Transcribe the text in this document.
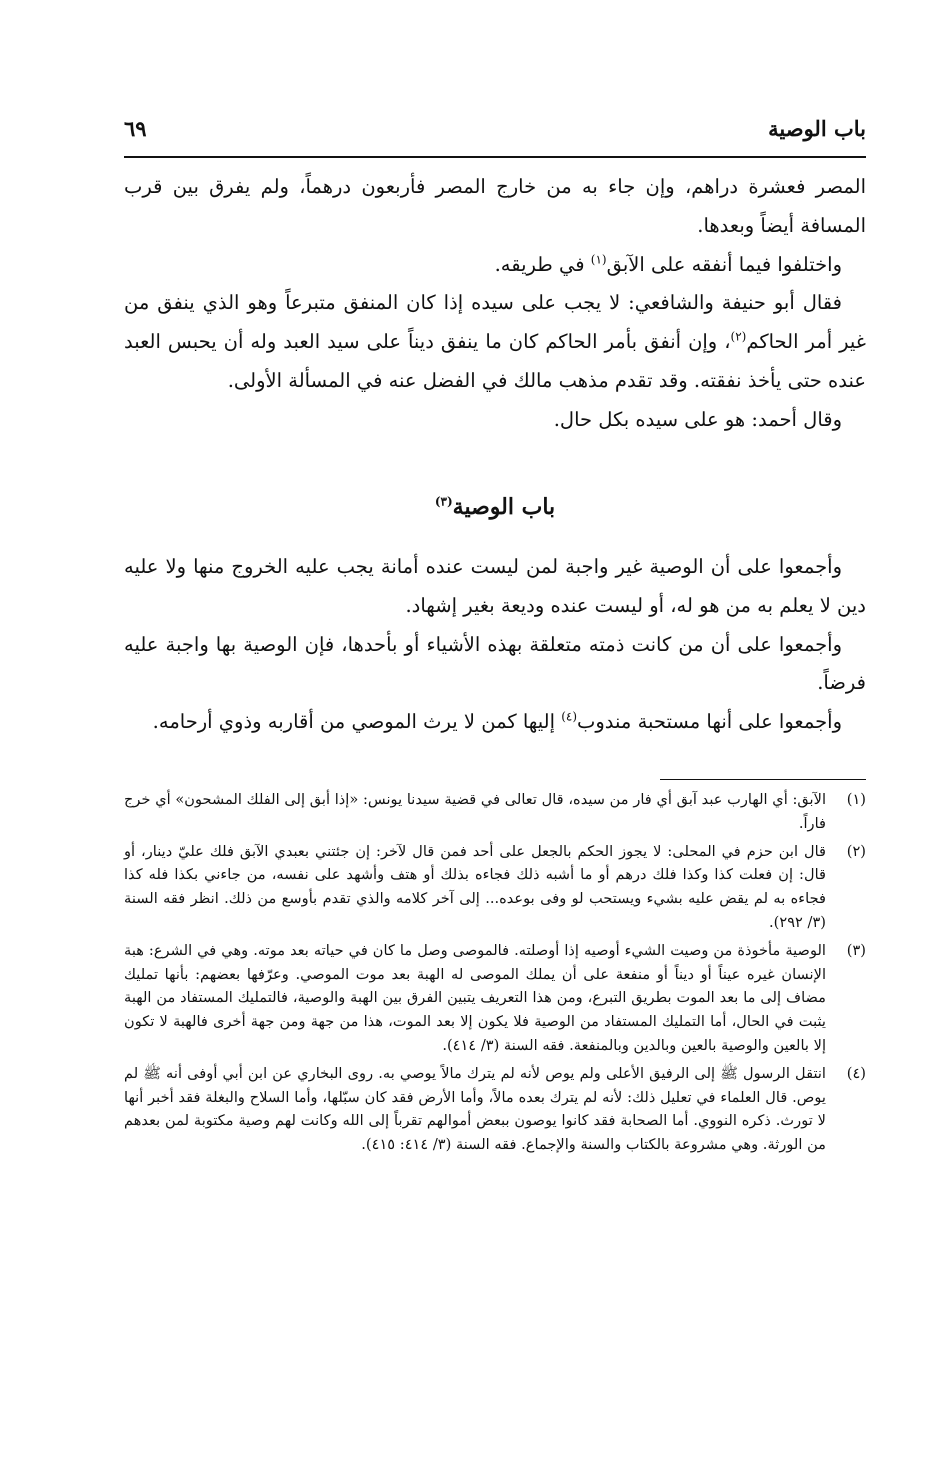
باب الوصية
٦٩

المصر فعشرة دراهم، وإن جاء به من خارج المصر فأربعون درهماً، ولم يفرق بين قرب المسافة أيضاً وبعدها.

واختلفوا فيما أنفقه على الآبق$^{(١)}$ في طريقه.

فقال أبو حنيفة والشافعي: لا يجب على سيده إذا كان المنفق متبرعاً وهو الذي ينفق من غير أمر الحاكم$^{(٢)}$، وإن أنفق بأمر الحاكم كان ما ينفق ديناً على سيد العبد وله أن يحبس العبد عنده حتى يأخذ نفقته. وقد تقدم مذهب مالك في الفضل عنه في المسألة الأولى.

وقال أحمد: هو على سيده بكل حال.

باب الوصية$^{(٣)}$

وأجمعوا على أن الوصية غير واجبة لمن ليست عنده أمانة يجب عليه الخروج منها ولا عليه دين لا يعلم به من هو له، أو ليست عنده وديعة بغير إشهاد.

وأجمعوا على أن من كانت ذمته متعلقة بهذه الأشياء أو بأحدها، فإن الوصية بها واجبة عليه فرضاً.

وأجمعوا على أنها مستحبة مندوب$^{(٤)}$ إليها كمن لا يرث الموصي من أقاربه وذوي أرحامه.

(١)
الآبق: أي الهارب عبد آبق أي فار من سيده، قال تعالى في قضية سيدنا يونس: «إذا أبق إلى الفلك المشحون» أي خرج فاراً.

(٢)
قال ابن حزم في المحلى: لا يجوز الحكم بالجعل على أحد فمن قال لآخر: إن جئتني بعبدي الآبق فلك عليّ دينار، أو قال: إن فعلت كذا وكذا فلك درهم أو ما أشبه ذلك فجاءه بذلك أو هتف وأشهد على نفسه، من جاءني بكذا فله كذا فجاءه به لم يقض عليه بشيء ويستحب لو وفى بوعده... إلى آخر كلامه والذي تقدم بأوسع من ذلك. انظر فقه السنة (٣/ ٢٩٢).

(٣)
الوصية مأخوذة من وصيت الشيء أوصيه إذا أوصلته. فالموصى وصل ما كان في حياته بعد موته. وهي في الشرع: هبة الإنسان غيره عيناً أو ديناً أو منفعة على أن يملك الموصى له الهبة بعد موت الموصي. وعرّفها بعضهم: بأنها تمليك مضاف إلى ما بعد الموت بطريق التبرع، ومن هذا التعريف يتبين الفرق بين الهبة والوصية، فالتمليك المستفاد من الهبة يثبت في الحال، أما التمليك المستفاد من الوصية فلا يكون إلا بعد الموت، هذا من جهة ومن جهة أخرى فالهبة لا تكون إلا بالعين والوصية بالعين وبالدين وبالمنفعة. فقه السنة (٣/ ٤١٤).

(٤)
انتقل الرسول ﷺ إلى الرفيق الأعلى ولم يوص لأنه لم يترك مالاً يوصي به. روى البخاري عن ابن أبي أوفى أنه ﷺ لم يوص. قال العلماء في تعليل ذلك: لأنه لم يترك بعده مالاً، وأما الأرض فقد كان سبّلها، وأما السلاح والبغلة فقد أخبر أنها لا تورث. ذكره النووي. أما الصحابة فقد كانوا يوصون ببعض أموالهم تقرباً إلى الله وكانت لهم وصية مكتوبة لمن بعدهم من الورثة. وهي مشروعة بالكتاب والسنة والإجماع. فقه السنة (٣/ ٤١٤: ٤١٥).
